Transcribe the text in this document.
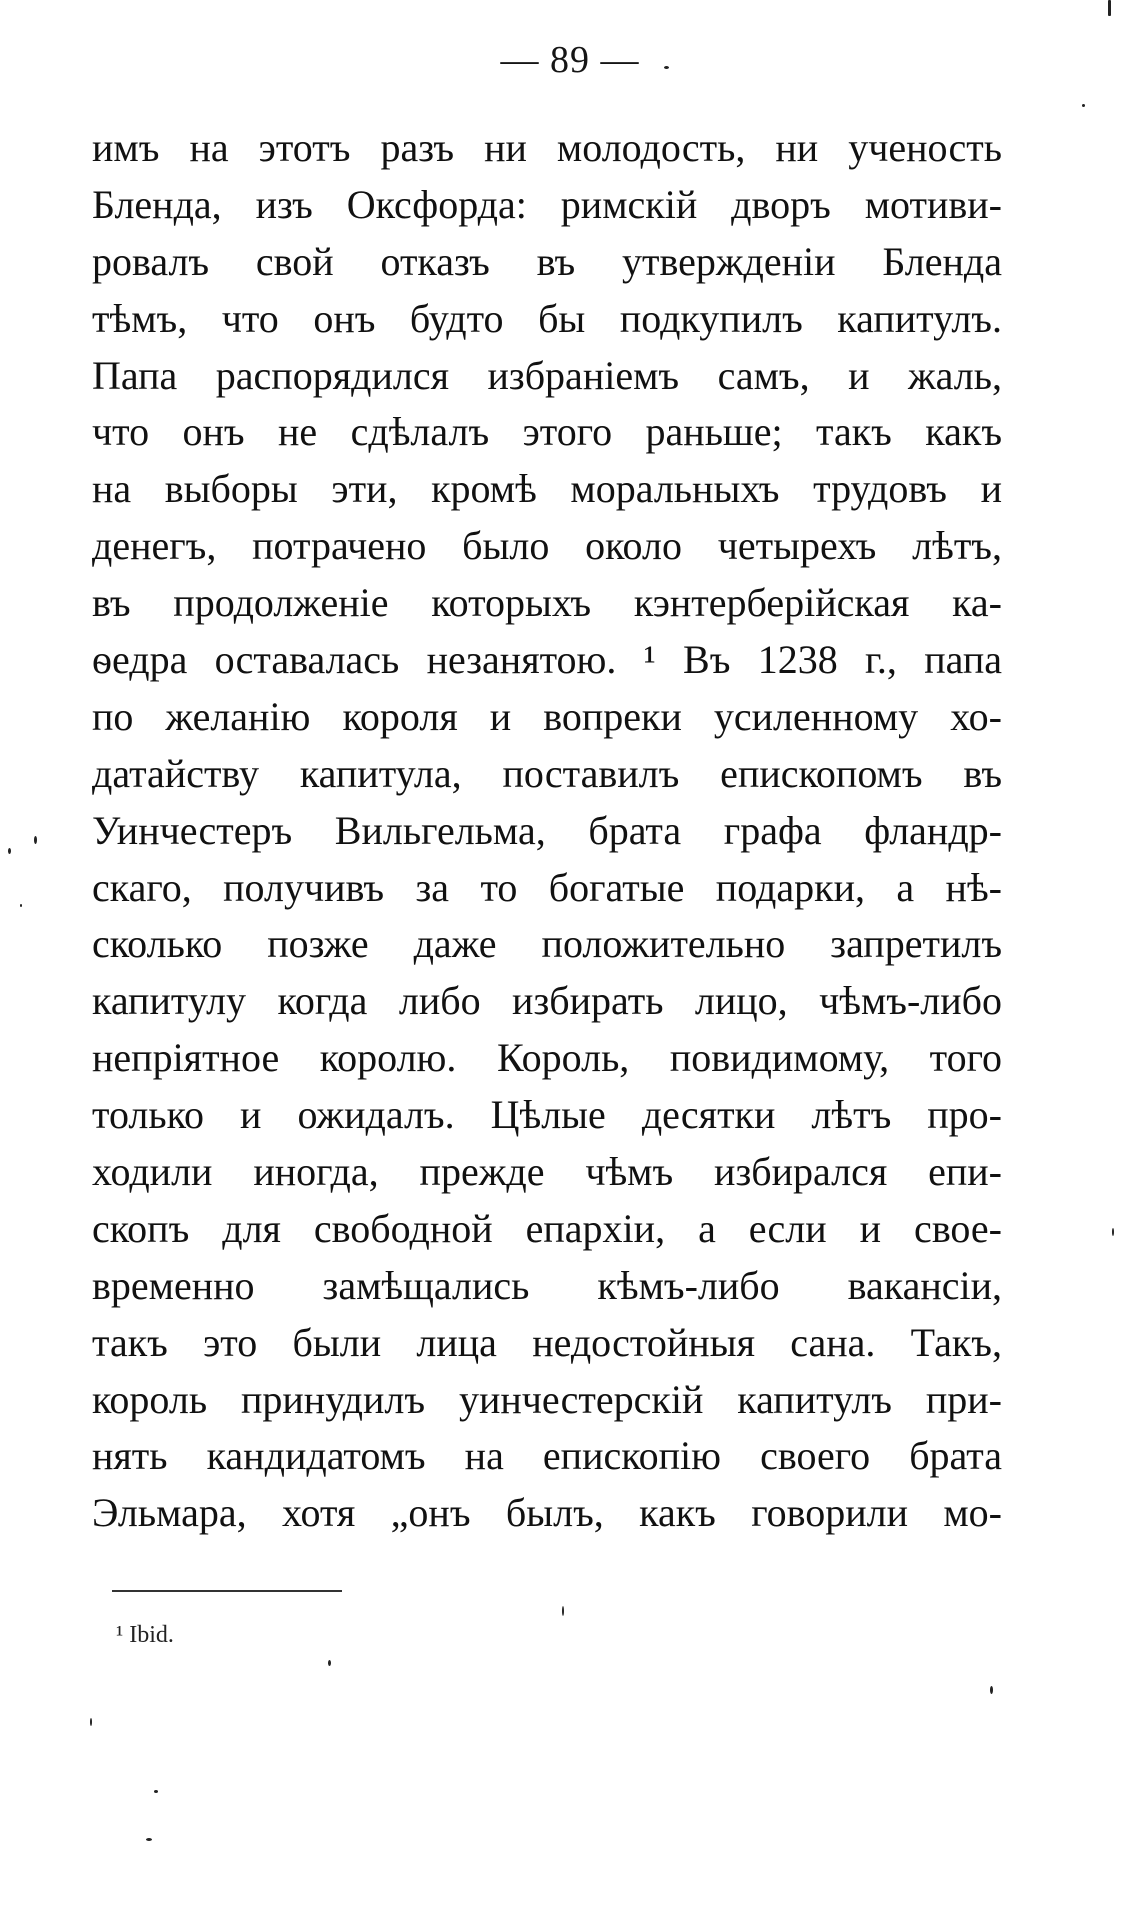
— 89 —
имъ на этотъ разъ ни молодость, ни ученость
Бленда, изъ Оксфорда: римскій дворъ мотиви-
ровалъ свой отказъ въ утвержденіи Бленда
тѣмъ, что онъ будто бы подкупилъ капитулъ.
Папа распорядился избраніемъ самъ, и жаль,
что онъ не сдѣлалъ этого раньше; такъ какъ
на выборы эти, кромѣ моральныхъ трудовъ и
денегъ, потрачено было около четырехъ лѣтъ,
въ продолженіе которыхъ кэнтерберійская ка-
ѳедра оставалась незанятою. ¹ Въ 1238 г., папа
по желанію короля и вопреки усиленному хо-
датайству капитула, поставилъ епископомъ въ
Уинчестеръ Вильгельма, брата графа фландр-
скаго, получивъ за то богатые подарки, а нѣ-
сколько позже даже положительно запретилъ
капитулу когда либо избирать лицо, чѣмъ-либо
непріятное королю. Король, повидимому, того
только и ожидалъ. Цѣлые десятки лѣтъ про-
ходили иногда, прежде чѣмъ избирался епи-
скопъ для свободной епархіи, а если и свое-
временно замѣщались кѣмъ-либо вакансіи,
такъ это были лица недостойныя сана. Такъ,
король принудилъ уинчестерскій капитулъ при-
нять кандидатомъ на епископію своего брата
Эльмара, хотя „онъ былъ, какъ говорили мо-
¹ Ibid.
